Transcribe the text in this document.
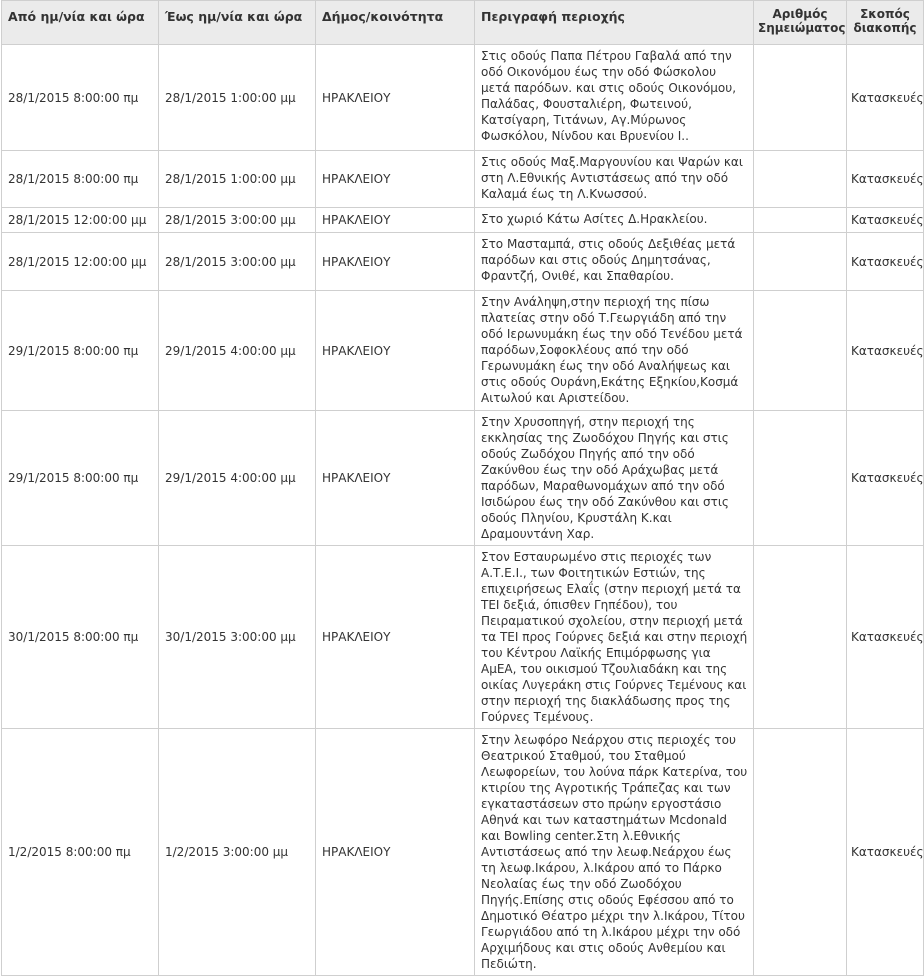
Από ημ/νία και ώρα	Έως ημ/νία και ώρα	Δήμος/κοινότητα	Περιγραφή περιοχής	Αριθμός Σημειώματος	Σκοπός διακοπής
28/1/2015 8:00:00 πμ	28/1/2015 1:00:00 μμ	ΗΡΑΚΛΕΙΟΥ	Στις οδούς Παπα Πέτρου Γαβαλά από την οδό Οικονόμου έως την οδό Φώσκολου μετά παρόδων. και στις οδούς Οικονόμου, Παλάδας, Φουσταλιέρη, Φωτεινού, Κατσίγαρη, Τιτάνων, Αγ.Μύρωνος Φωσκόλου, Νίνδου και Βρυενίου Ι..		Κατασκευές
28/1/2015 8:00:00 πμ	28/1/2015 1:00:00 μμ	ΗΡΑΚΛΕΙΟΥ	Στις οδούς Μαξ.Μαργουνίου και Ψαρών και στη Λ.Εθνικής Αντιστάσεως από την οδό Καλαμά έως τη Λ.Κνωσσού.		Κατασκευές
28/1/2015 12:00:00 μμ	28/1/2015 3:00:00 μμ	ΗΡΑΚΛΕΙΟΥ	Στο χωριό Κάτω Ασίτες Δ.Ηρακλείου.		Κατασκευές
28/1/2015 12:00:00 μμ	28/1/2015 3:00:00 μμ	ΗΡΑΚΛΕΙΟΥ	Στο Μασταμπά, στις οδούς Δεξιθέας μετά παρόδων και στις οδούς Δημητσάνας, Φραντζή, Ονιθέ, και Σπαθαρίου.		Κατασκευές
29/1/2015 8:00:00 πμ	29/1/2015 4:00:00 μμ	ΗΡΑΚΛΕΙΟΥ	Στην Ανάληψη,στην περιοχή της πίσω πλατείας στην οδό Τ.Γεωργιάδη από την οδό Ιερωνυμάκη έως την οδό Τενέδου μετά παρόδων,Σοφοκλέους από την οδό Γερωνυμάκη έως την οδό Αναλήψεως και στις οδούς Ουράνη,Εκάτης Εξηκίου,Κοσμά Αιτωλού και Αριστείδου.		Κατασκευές
29/1/2015 8:00:00 πμ	29/1/2015 4:00:00 μμ	ΗΡΑΚΛΕΙΟΥ	Στην Χρυσοπηγή, στην περιοχή της εκκλησίας της Ζωοδόχου Πηγής και στις οδούς Ζωδόχου Πηγής από την οδό Ζακύνθου έως την οδό Αράχωβας μετά παρόδων, Μαραθωνομάχων από την οδό Ισιδώρου έως την οδό Ζακύνθου και στις οδούς Πληνίου, Κρυστάλη Κ.και Δραμουντάνη Χαρ.		Κατασκευές
30/1/2015 8:00:00 πμ	30/1/2015 3:00:00 μμ	ΗΡΑΚΛΕΙΟΥ	Στον Εσταυρωμένο στις περιοχές των Α.Τ.Ε.Ι., των Φοιτητικών Εστιών, της επιχειρήσεως Ελαΐς (στην περιοχή μετά τα ΤΕΙ δεξιά, όπισθεν Γηπέδου), του Πειραματικού σχολείου, στην περιοχή μετά τα ΤΕΙ προς Γούρνες δεξιά και στην περιοχή του Κέντρου Λαϊκής Επιμόρφωσης για ΑμΕΑ, του οικισμού Τζουλιαδάκη και της οικίας Λυγεράκη στις Γούρνες Τεμένους και στην περιοχή της διακλάδωσης προς της Γούρνες Τεμένους.		Κατασκευές
1/2/2015 8:00:00 πμ	1/2/2015 3:00:00 μμ	ΗΡΑΚΛΕΙΟΥ	Στην λεωφόρο Νεάρχου στις περιοχές του Θεατρικού Σταθμού, του Σταθμού Λεωφορείων, του λούνα πάρκ Κατερίνα, του κτιρίου της Αγροτικής Τράπεζας και των εγκαταστάσεων στο πρώην εργοστάσιο Αθηνά και των καταστημάτων Mcdonald και Bowling center.Στη λ.Εθνικής Αντιστάσεως από την λεωφ.Νεάρχου έως τη λεωφ.Ικάρου, λ.Ικάρου από το Πάρκο Νεολαίας έως την οδό Ζωοδόχου Πηγής.Επίσης στις οδούς Εφέσσου από το Δημοτικό Θέατρο μέχρι την λ.Ικάρου, Τίτου Γεωργιάδου από τη λ.Ικάρου μέχρι την οδό Αρχιμήδους και στις οδούς Ανθεμίου και Πεδιώτη.		Κατασκευές
